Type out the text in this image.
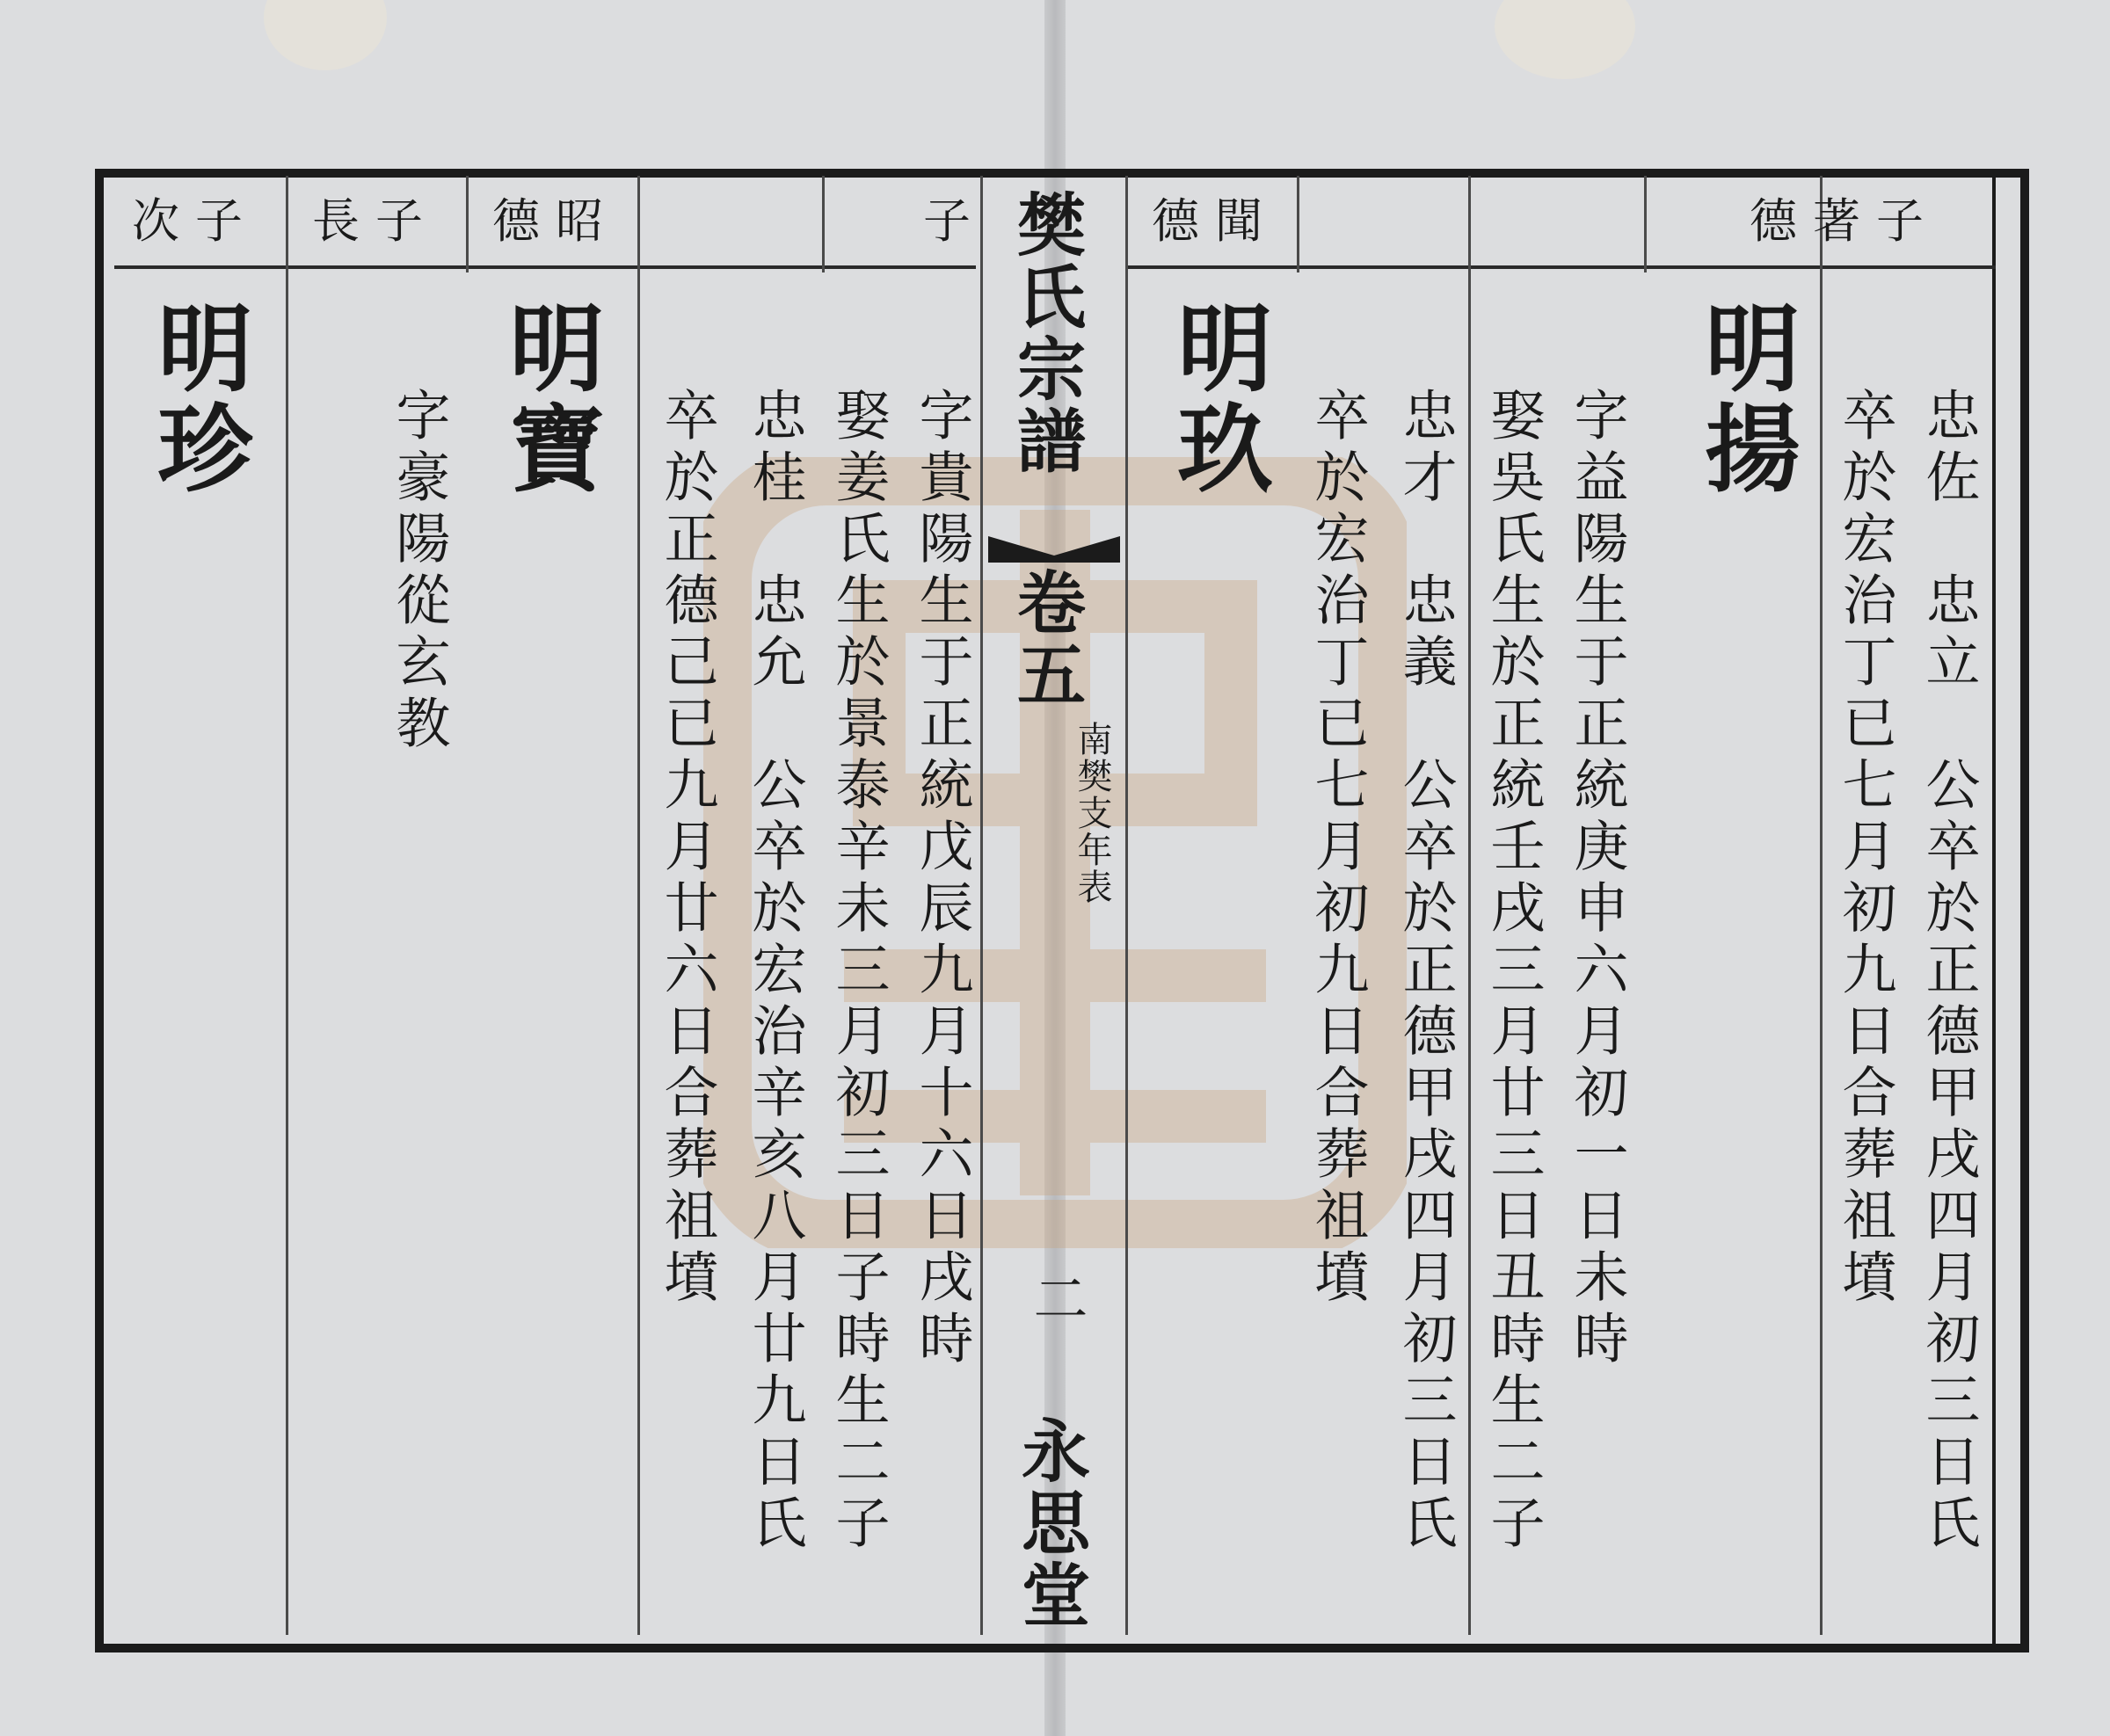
樊氏宗譜
卷五
南樊支年表
二
永思堂
德著子
德聞
明揚
字益陽生于正統庚申六月初一日未時
娶吳氏生於正統壬戌三月廿三日丑時生二子
忠才　忠義　公卒於正德甲戌四月初三日氏
卒於宏治丁已七月初九日合葬祖墳
明玖	忠佐　忠立　公卒於正德甲戌四月初三日氏
卒於宏治丁已七月初九日合葬祖墳
子
德昭
長子
次子
明寶	字貴陽生于正統戊辰九月十六日戌時
娶姜氏生於景泰辛未三月初三日子時生二子
忠桂　忠允　公卒於宏治辛亥八月廿九日氏
卒於正德己已九月廿六日合葬祖墳
字豪陽從玄教
明珍
